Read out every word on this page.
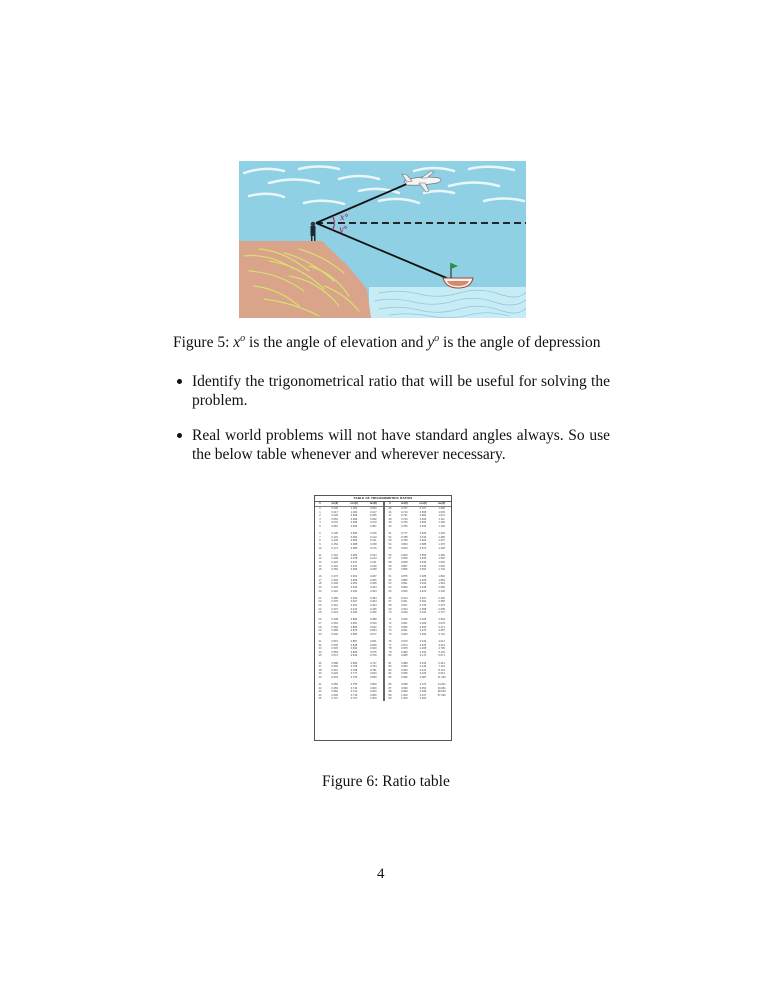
x°
y°
Figure 5: $x^o$ is the angle of elevation and $y^o$ is the angle of depression
Identify the trigonometrical ratio that will be useful for solving the problem.
Real world problems will not have standard angles always. So use the below table whenever and wherever necessary.
TABLE OF TRIGONOMETRIC RATIOS
θ	sin(θ)	cos(θ)	tan(θ)
0	0.000	1.000	0.000
1	0.017	1.000	0.017
2	0.035	0.999	0.035
3	0.052	0.999	0.052
4	0.070	0.998	0.070
5	0.087	0.996	0.087
6	0.105	0.995	0.105
7	0.122	0.993	0.123
8	0.139	0.990	0.141
9	0.156	0.988	0.158
10	0.174	0.985	0.176
11	0.191	0.982	0.194
12	0.208	0.978	0.213
13	0.225	0.974	0.231
14	0.242	0.970	0.249
15	0.259	0.966	0.268
16	0.276	0.961	0.287
17	0.292	0.956	0.306
18	0.309	0.951	0.325
19	0.326	0.946	0.344
20	0.342	0.940	0.364
21	0.358	0.934	0.384
22	0.375	0.927	0.404
23	0.391	0.921	0.424
24	0.407	0.914	0.445
25	0.423	0.906	0.466
26	0.438	0.899	0.488
27	0.454	0.891	0.510
28	0.469	0.883	0.532
29	0.485	0.875	0.554
30	0.500	0.866	0.577
31	0.515	0.857	0.601
32	0.530	0.848	0.625
33	0.545	0.839	0.649
34	0.559	0.829	0.675
35	0.574	0.819	0.700
36	0.588	0.809	0.727
37	0.602	0.799	0.754
38	0.616	0.788	0.781
39	0.629	0.777	0.810
40	0.643	0.766	0.839
41	0.656	0.755	0.869
42	0.669	0.743	0.900
43	0.682	0.731	0.933
44	0.695	0.719	0.966
45	0.707	0.707	1.000
θ	sin(θ)	cos(θ)	tan(θ)
45	0.707	0.707	1.000
46	0.719	0.695	1.036
47	0.731	0.682	1.072
48	0.743	0.669	1.111
49	0.755	0.656	1.150
50	0.766	0.643	1.192
51	0.777	0.629	1.235
52	0.788	0.616	1.280
53	0.799	0.602	1.327
54	0.809	0.588	1.376
55	0.819	0.574	1.428
56	0.829	0.559	1.483
57	0.839	0.545	1.540
58	0.848	0.530	1.600
59	0.857	0.515	1.664
60	0.866	0.500	1.732
61	0.875	0.485	1.804
62	0.883	0.469	1.881
63	0.891	0.454	1.963
64	0.899	0.438	2.050
65	0.906	0.423	2.145
66	0.914	0.407	2.246
67	0.921	0.391	2.356
68	0.927	0.375	2.475
69	0.934	0.358	2.605
70	0.940	0.342	2.747
71	0.946	0.326	2.904
72	0.951	0.309	3.078
73	0.956	0.292	3.271
74	0.961	0.276	3.487
75	0.966	0.259	3.732
76	0.970	0.242	4.011
77	0.974	0.225	4.331
78	0.978	0.208	4.705
79	0.982	0.191	5.145
80	0.985	0.174	5.671
81	0.988	0.156	6.314
82	0.990	0.139	7.115
83	0.993	0.122	8.144
84	0.995	0.105	9.514
85	0.996	0.087	11.430
86	0.998	0.070	14.301
87	0.999	0.052	19.081
88	0.999	0.035	28.636
89	1.000	0.017	57.290
90	1.000	0.000
Figure 6: Ratio table
4
